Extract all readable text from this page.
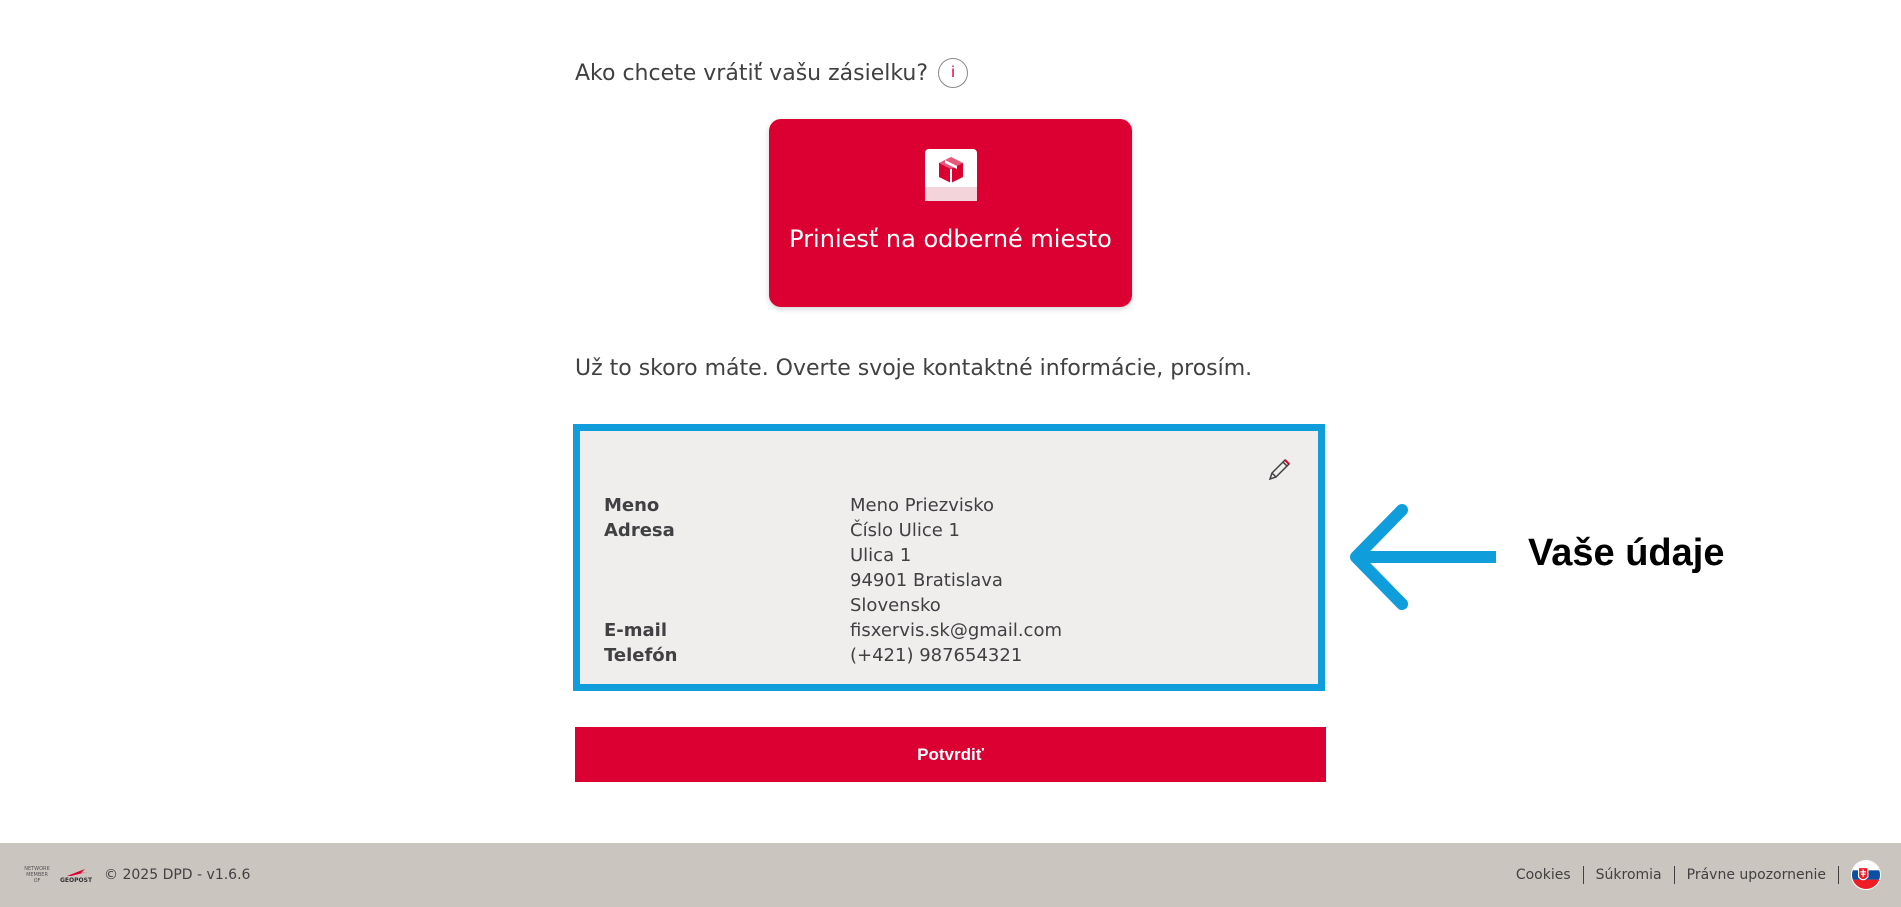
Ako chcete vrátiť vašu zásielku?	i
Priniesť na odberné miesto
Už to skoro máte. Overte svoje kontaktné informácie, prosím.
Meno	Meno Priezvisko
Adresa	Číslo Ulice 1
Ulica 1
94901 Bratislava
Slovensko
E-mail	fisxervis.sk@gmail.com
Telefón	(+421) 987654321
Potvrdiť
Vaše údaje
NETWORK MEMBER OF	GEOPOST © 2025 DPD - v1.6.6	Cookies	Súkromia	Právne upozornenie
